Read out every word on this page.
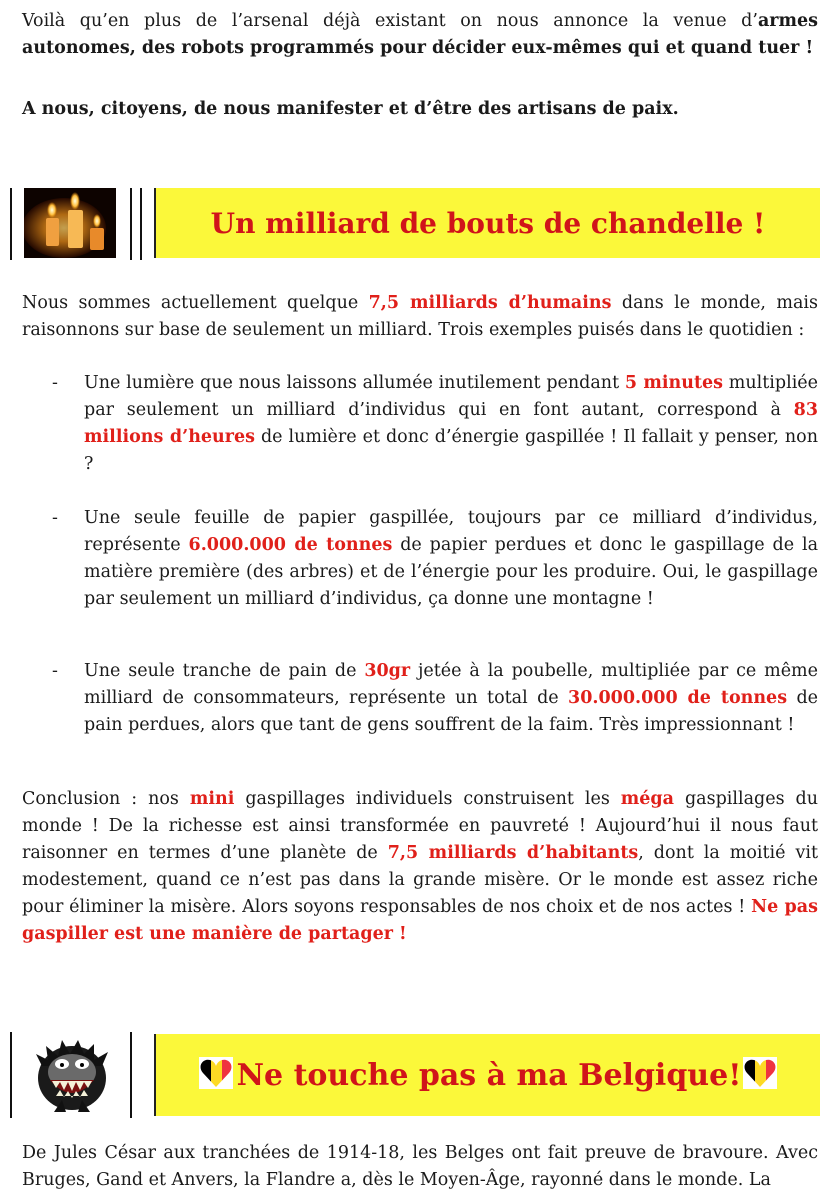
Voilà qu’en plus de l’arsenal déjà existant on nous annonce la venue d’armes autonomes, des robots programmés pour décider eux-mêmes qui et quand tuer !

A nous, citoyens, de nous manifester et d’être des artisans de paix.

Un milliard de bouts de chandelle !

Nous sommes actuellement quelque 7,5 milliards d’humains dans le monde, mais raisonnons sur base de seulement un milliard. Trois exemples puisés dans le quotidien :

- Une lumière que nous laissons allumée inutilement pendant 5 minutes multipliée par seulement un milliard d’individus qui en font autant, correspond à 83 millions d’heures de lumière et donc d’énergie gaspillée ! Il fallait y penser, non ?
- Une seule feuille de papier gaspillée, toujours par ce milliard d’individus, représente 6.000.000 de tonnes de papier perdues et donc le gaspillage de la matière première (des arbres) et de l’énergie pour les produire. Oui, le gaspillage par seulement un milliard d’individus, ça donne une montagne !
- Une seule tranche de pain de 30gr jetée à la poubelle, multipliée par ce même milliard de consommateurs, représente un total de 30.000.000 de tonnes de pain perdues, alors que tant de gens souffrent de la faim. Très impressionnant !

Conclusion : nos mini gaspillages individuels construisent les méga gaspillages du monde ! De la richesse est ainsi transformée en pauvreté ! Aujourd’hui il nous faut raisonner en termes d’une planète de 7,5 milliards d’habitants, dont la moitié vit modestement, quand ce n’est pas dans la grande misère. Or le monde est assez riche pour éliminer la misère. Alors soyons responsables de nos choix et de nos actes ! Ne pas gaspiller est une manière de partager !

Ne touche pas à ma Belgique!

De Jules César aux tranchées de 1914-18, les Belges ont fait preuve de bravoure. Avec Bruges, Gand et Anvers, la Flandre a, dès le Moyen-Âge, rayonné dans le monde. La
